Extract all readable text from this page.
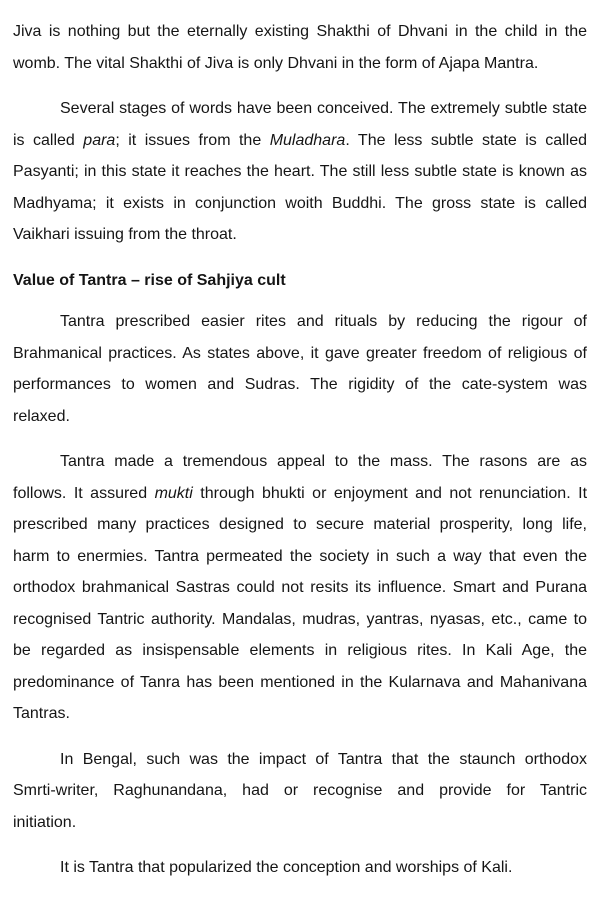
Jiva is nothing but the eternally existing Shakthi of Dhvani in the child in the
womb. The vital Shakthi of Jiva is only Dhvani in the form of Ajapa Mantra.
Several stages of words have been conceived. The extremely subtle state
is called para; it issues from the Muladhara. The less subtle state is called
Pasyanti; in this state it reaches the heart. The still less subtle state is known as
Madhyama; it exists in conjunction woith Buddhi. The gross state is called
Vaikhari issuing from the throat.
Value of Tantra – rise of Sahjiya cult
Tantra prescribed easier rites and rituals by reducing the rigour of
Brahmanical practices. As states above, it gave greater freedom of religious of
performances to women and Sudras. The rigidity of the cate-system was
relaxed.
Tantra made a tremendous appeal to the mass. The rasons are as
follows. It assured mukti through bhukti or enjoyment and not renunciation. It
prescribed many practices designed to secure material prosperity, long life,
harm to enermies. Tantra permeated the society in such a way that even the
orthodox brahmanical Sastras could not resits its influence. Smart and Purana
recognised Tantric authority. Mandalas, mudras, yantras, nyasas, etc., came to
be regarded as insispensable elements in religious rites. In Kali Age, the
predominance of Tanra has been mentioned in the Kularnava and Mahanivana
Tantras.
In Bengal, such was the impact of Tantra that the staunch orthodox
Smrti-writer, Raghunandana, had or recognise and provide for Tantric
initiation.
It is Tantra that popularized the conception and worships of Kali.
